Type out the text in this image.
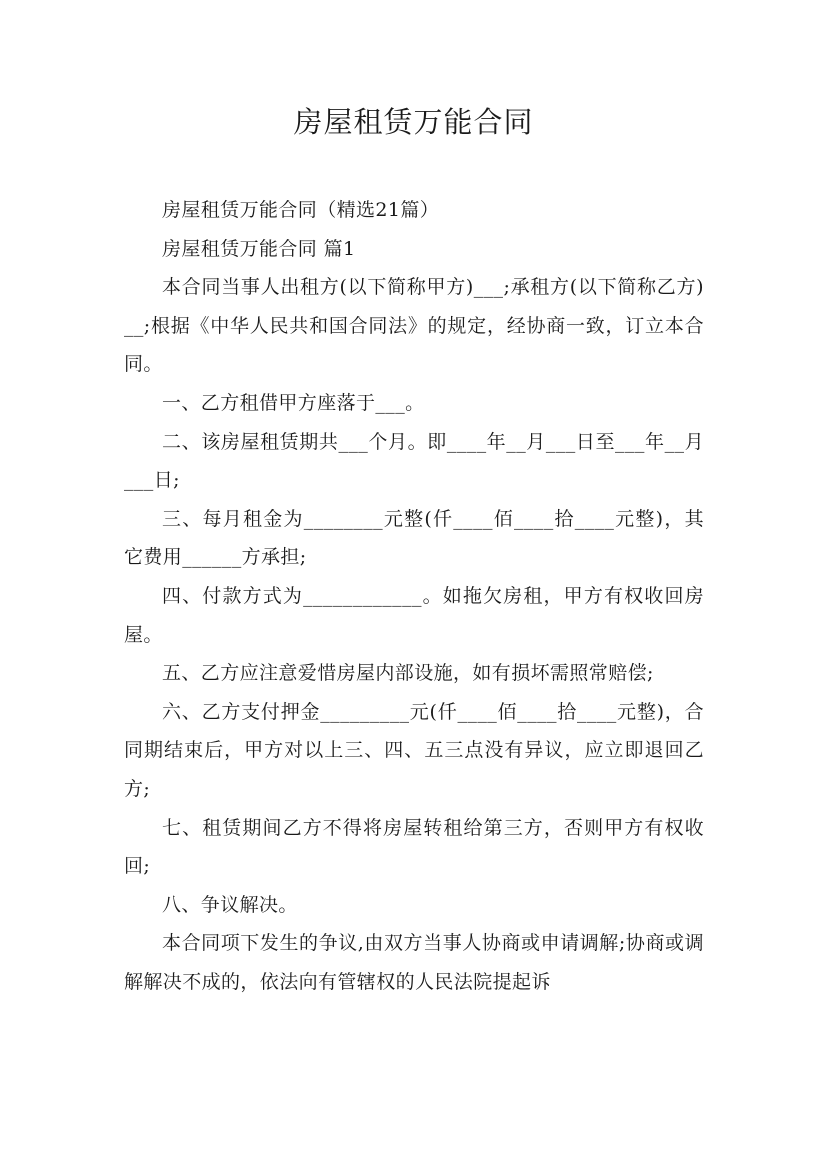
房屋租赁万能合同

房屋租赁万能合同（精选21篇）

房屋租赁万能合同 篇1

本合同当事人出租方(以下简称甲方)___;承租方(以下简称乙方)__;根据《中华人民共和国合同法》的规定，经协商一致，订立本合同。

一、乙方租借甲方座落于___。

二、该房屋租赁期共___个月。即____年__月___日至___年__月___日;

三、每月租金为________元整(仟____佰____拾____元整)，其它费用______方承担;

四、付款方式为____________。如拖欠房租，甲方有权收回房屋。

五、乙方应注意爱惜房屋内部设施，如有损坏需照常赔偿;

六、乙方支付押金_________元(仟____佰____拾____元整)，合同期结束后，甲方对以上三、四、五三点没有异议，应立即退回乙方;

七、租赁期间乙方不得将房屋转租给第三方，否则甲方有权收回;

八、争议解决。

本合同项下发生的争议,由双方当事人协商或申请调解;协商或调解解决不成的，依法向有管辖权的人民法院提起诉
